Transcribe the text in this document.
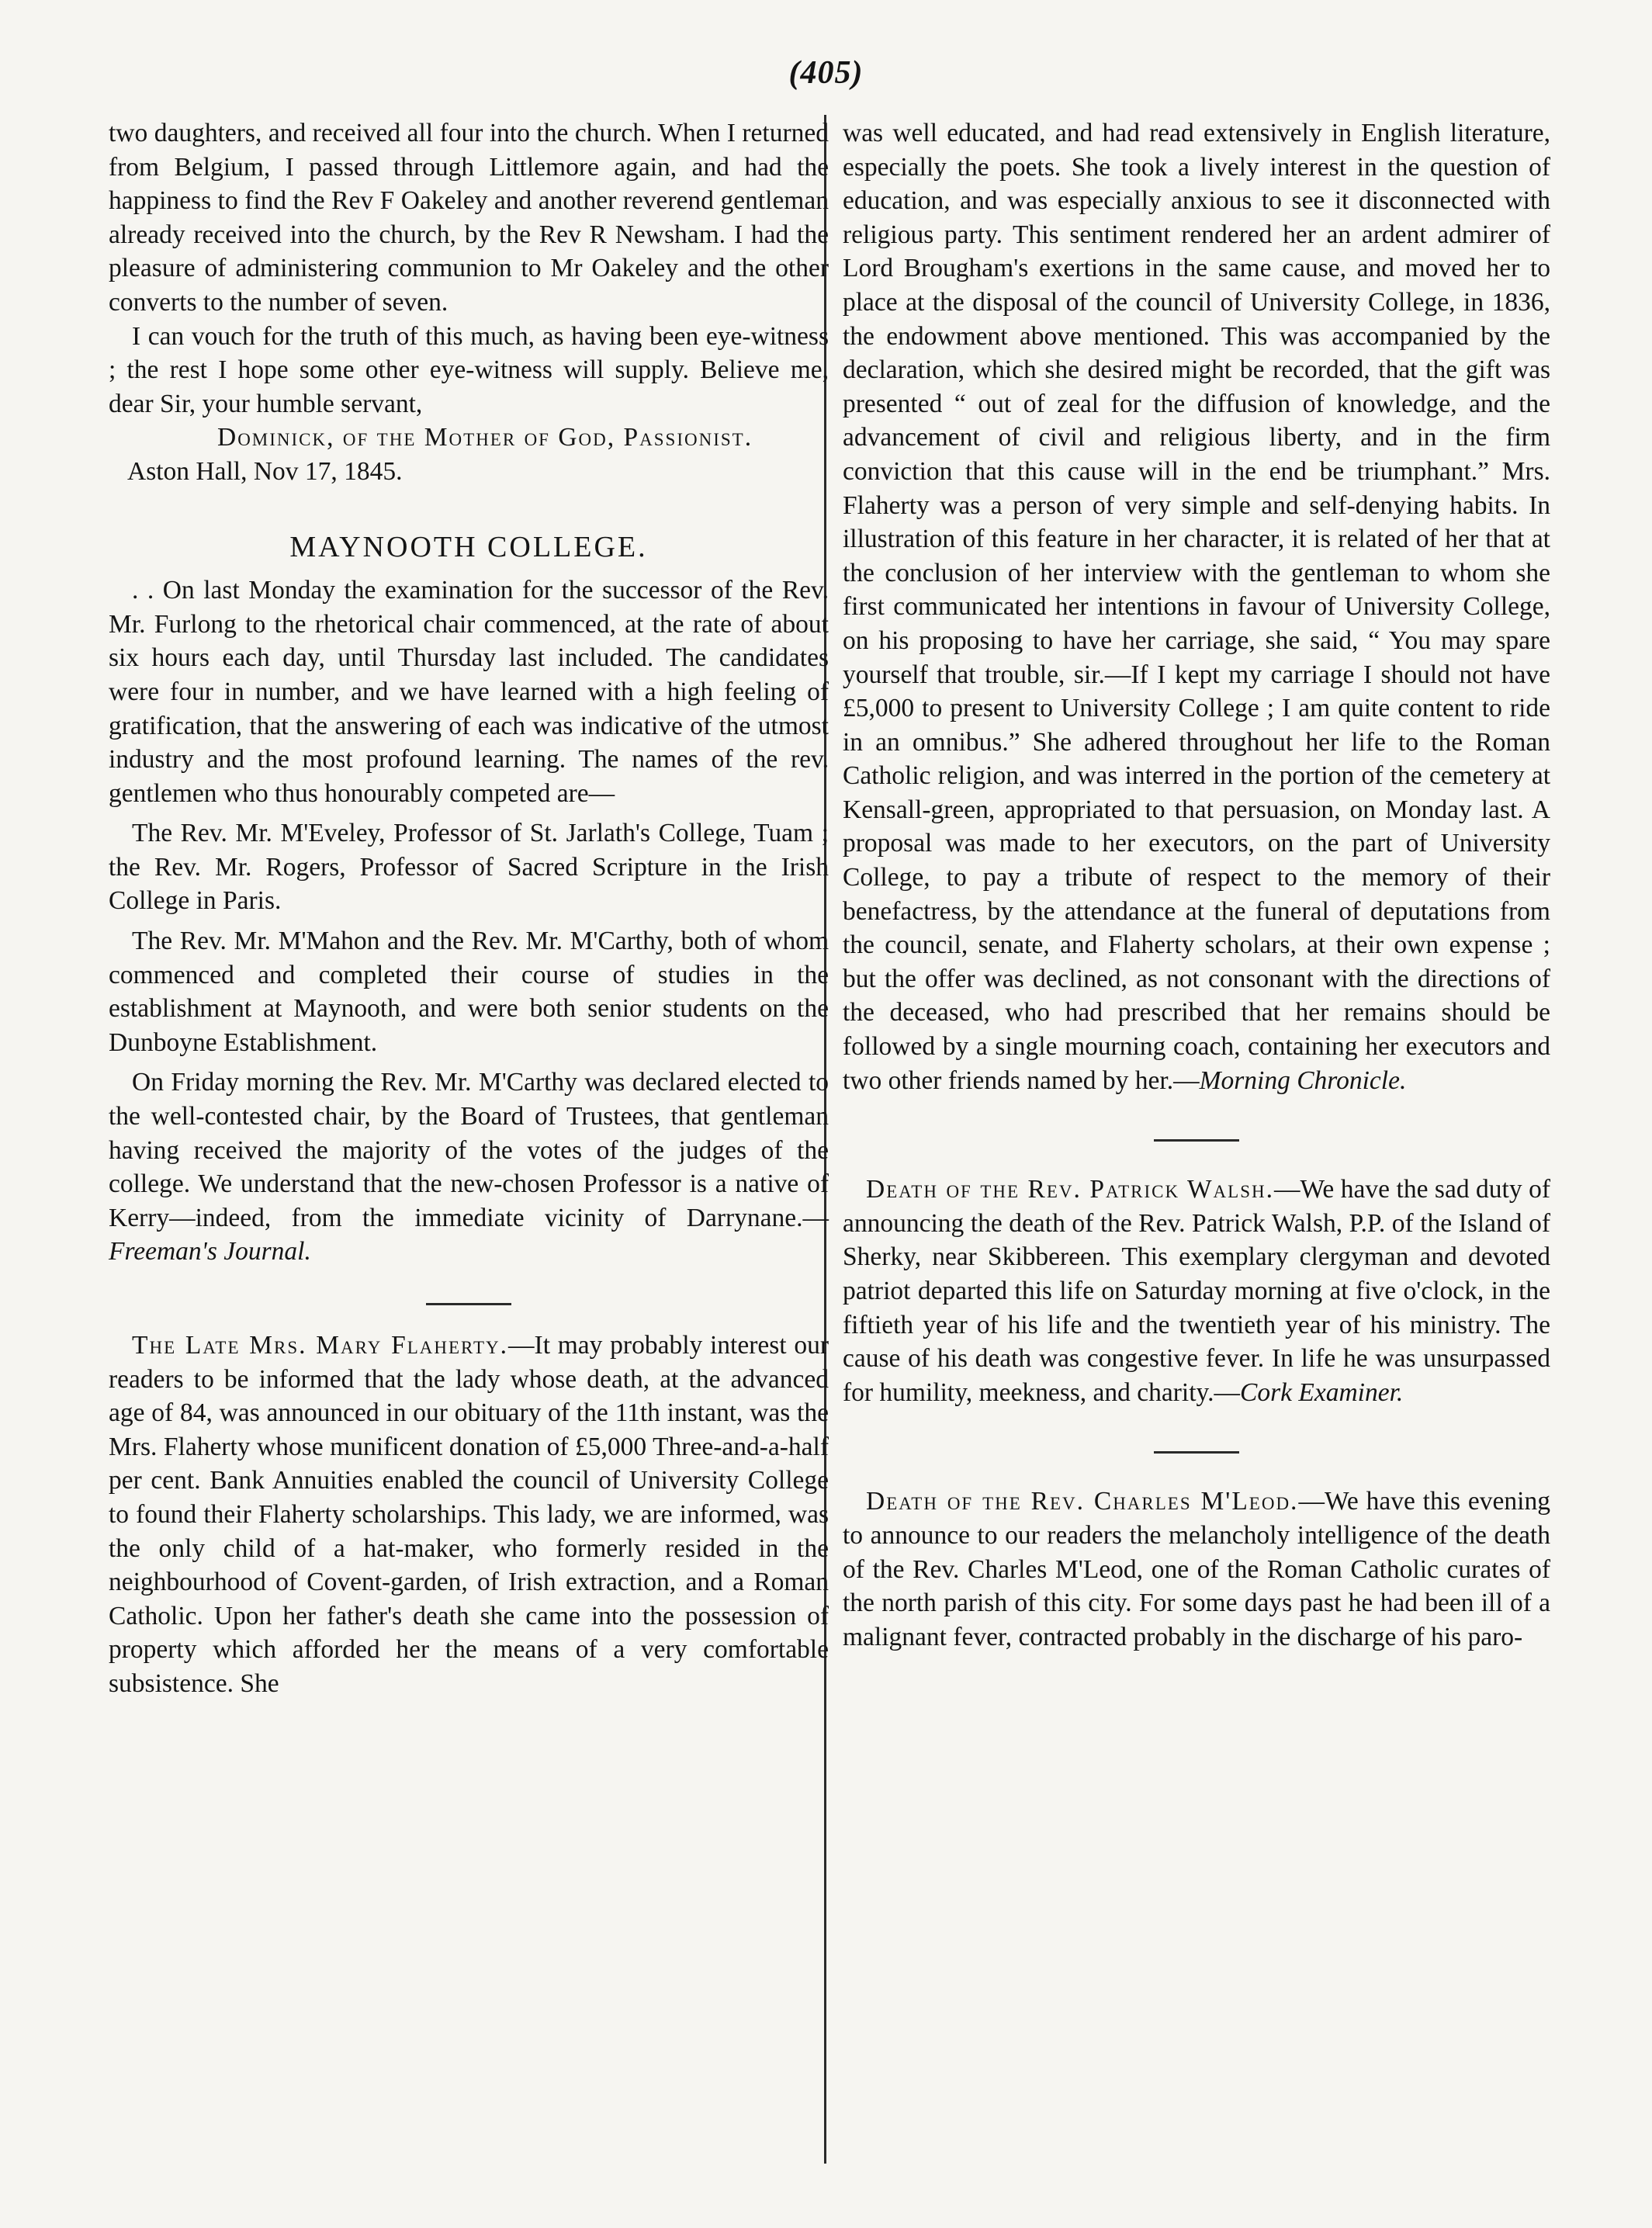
(405)

two daughters, and received all four into the church. When I returned from Belgium, I passed through Littlemore again, and had the happiness to find the Rev F Oakeley and another reverend gentleman already received into the church, by the Rev R Newsham. I had the pleasure of administering communion to Mr Oakeley and the other converts to the number of seven.

I can vouch for the truth of this much, as having been eye-witness ; the rest I hope some other eye-witness will supply. Believe me, dear Sir, your humble servant,

Dominick, of the Mother of God, Passionist.

Aston Hall, Nov 17, 1845.

MAYNOOTH COLLEGE.

. . On last Monday the examination for the successor of the Rev. Mr. Furlong to the rhetorical chair commenced, at the rate of about six hours each day, until Thursday last included. The candidates were four in number, and we have learned with a high feeling of gratification, that the answering of each was indicative of the utmost industry and the most profound learning. The names of the rev. gentlemen who thus honourably competed are—

The Rev. Mr. M'Eveley, Professor of St. Jarlath's College, Tuam ; the Rev. Mr. Rogers, Professor of Sacred Scripture in the Irish College in Paris.

The Rev. Mr. M'Mahon and the Rev. Mr. M'Carthy, both of whom commenced and completed their course of studies in the establishment at Maynooth, and were both senior students on the Dunboyne Establishment.

On Friday morning the Rev. Mr. M'Carthy was declared elected to the well-contested chair, by the Board of Trustees, that gentleman having received the majority of the votes of the judges of the college. We understand that the new-chosen Professor is a native of Kerry—indeed, from the immediate vicinity of Darrynane.—Freeman's Journal.

The Late Mrs. Mary Flaherty.—It may probably interest our readers to be informed that the lady whose death, at the advanced age of 84, was announced in our obituary of the 11th instant, was the Mrs. Flaherty whose munificent donation of £5,000 Three-and-a-half per cent. Bank Annuities enabled the council of University College to found their Flaherty scholarships. This lady, we are informed, was the only child of a hat-maker, who formerly resided in the neighbourhood of Covent-garden, of Irish extraction, and a Roman Catholic. Upon her father's death she came into the possession of property which afforded her the means of a very comfortable subsistence. She

was well educated, and had read extensively in English literature, especially the poets. She took a lively interest in the question of education, and was especially anxious to see it disconnected with religious party. This sentiment rendered her an ardent admirer of Lord Brougham's exertions in the same cause, and moved her to place at the disposal of the council of University College, in 1836, the endowment above mentioned. This was accompanied by the declaration, which she desired might be recorded, that the gift was presented “ out of zeal for the diffusion of knowledge, and the advancement of civil and religious liberty, and in the firm conviction that this cause will in the end be triumphant.” Mrs. Flaherty was a person of very simple and self-denying habits. In illustration of this feature in her character, it is related of her that at the conclusion of her interview with the gentleman to whom she first communicated her intentions in favour of University College, on his proposing to have her carriage, she said, “ You may spare yourself that trouble, sir.—If I kept my carriage I should not have £5,000 to present to University College ; I am quite content to ride in an omnibus.” She adhered throughout her life to the Roman Catholic religion, and was interred in the portion of the cemetery at Kensall-green, appropriated to that persuasion, on Monday last. A proposal was made to her executors, on the part of University College, to pay a tribute of respect to the memory of their benefactress, by the attendance at the funeral of deputations from the council, senate, and Flaherty scholars, at their own expense ; but the offer was declined, as not consonant with the directions of the deceased, who had prescribed that her remains should be followed by a single mourning coach, containing her executors and two other friends named by her.—Morning Chronicle.

Death of the Rev. Patrick Walsh.—We have the sad duty of announcing the death of the Rev. Patrick Walsh, P.P. of the Island of Sherky, near Skibbereen. This exemplary clergyman and devoted patriot departed this life on Saturday morning at five o'clock, in the fiftieth year of his life and the twentieth year of his ministry. The cause of his death was congestive fever. In life he was unsurpassed for humility, meekness, and charity.—Cork Examiner.

Death of the Rev. Charles M'Leod.—We have this evening to announce to our readers the melancholy intelligence of the death of the Rev. Charles M'Leod, one of the Roman Catholic curates of the north parish of this city. For some days past he had been ill of a malignant fever, contracted probably in the discharge of his paro-
